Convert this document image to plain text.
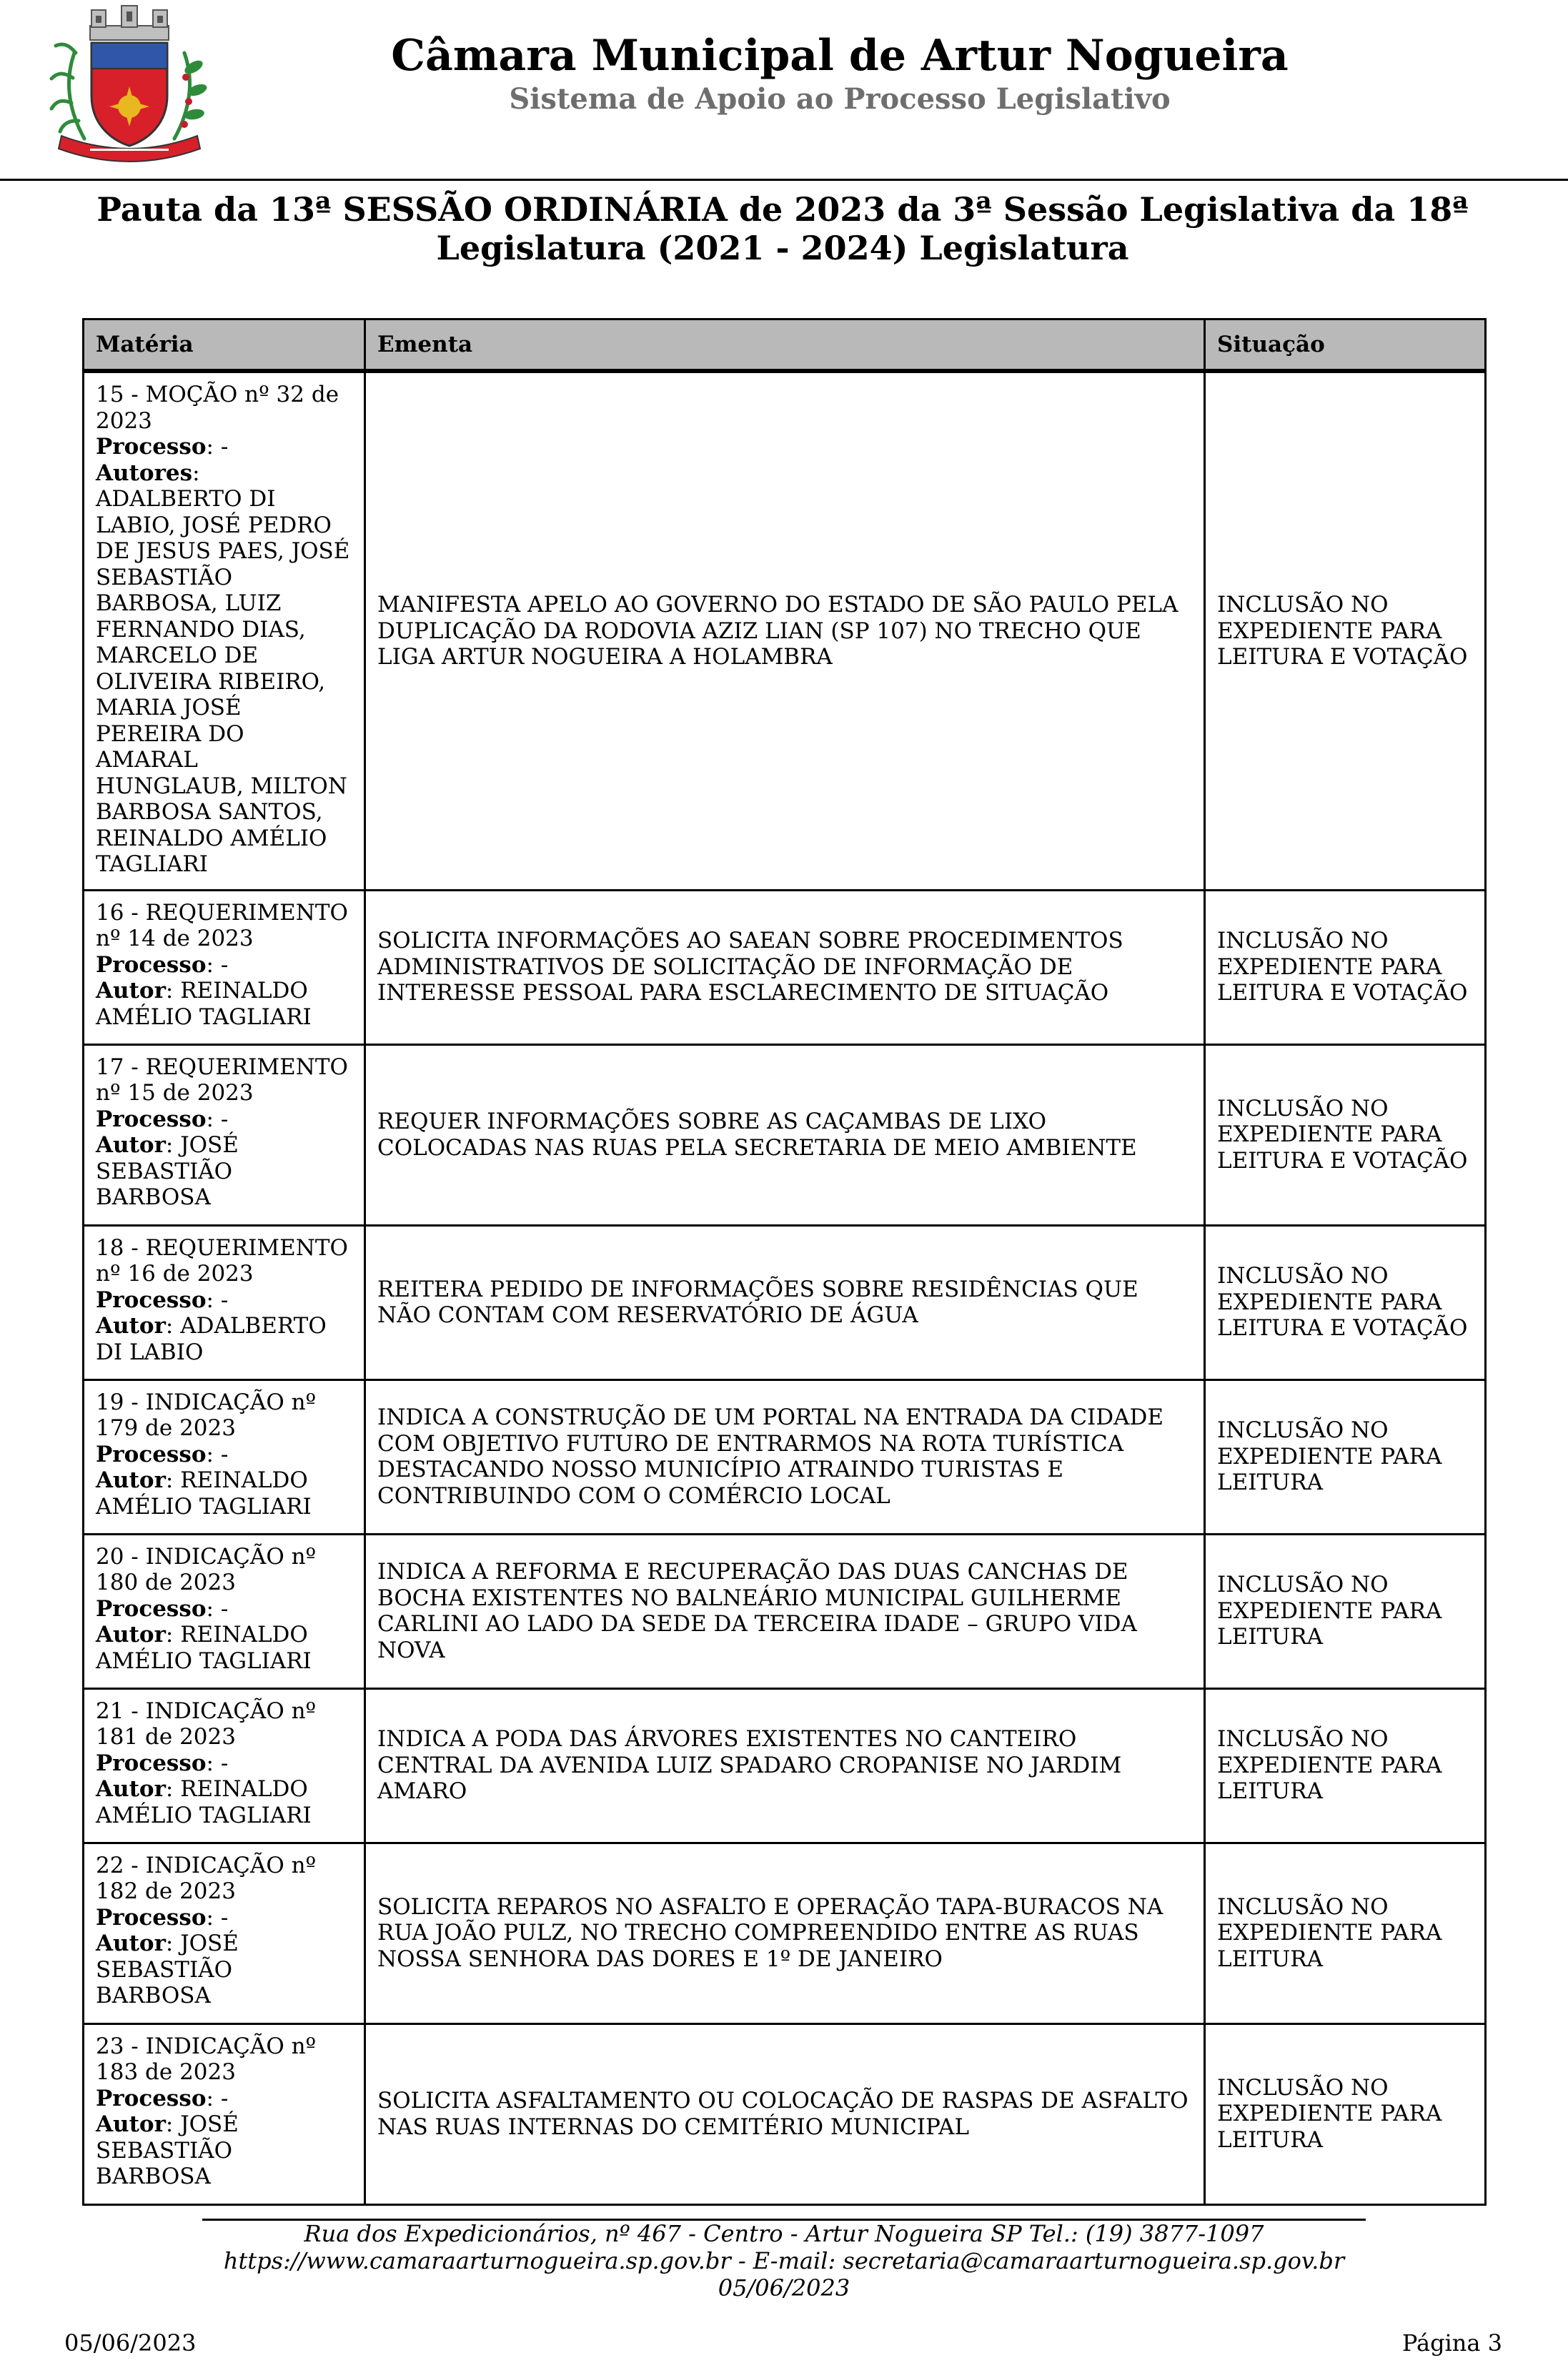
Câmara Municipal de Artur Nogueira
Sistema de Apoio ao Processo Legislativo
Pauta da 13ª SESSÃO ORDINÁRIA de 2023 da 3ª Sessão Legislativa da 18ª Legislatura (2021 - 2024) Legislatura
Matéria	Ementa	Situação
15 - MOÇÃO nº 32 de 2023
Processo: -
Autores: ADALBERTO DI LABIO, JOSÉ PEDRO DE JESUS PAES, JOSÉ SEBASTIÃO BARBOSA, LUIZ FERNANDO DIAS, MARCELO DE OLIVEIRA RIBEIRO, MARIA JOSÉ PEREIRA DO AMARAL HUNGLAUB, MILTON BARBOSA SANTOS, REINALDO AMÉLIO TAGLIARI	MANIFESTA APELO AO GOVERNO DO ESTADO DE SÃO PAULO PELA DUPLICAÇÃO DA RODOVIA AZIZ LIAN (SP 107) NO TRECHO QUE LIGA ARTUR NOGUEIRA A HOLAMBRA	INCLUSÃO NO EXPEDIENTE PARA LEITURA E VOTAÇÃO
16 - REQUERIMENTO nº 14 de 2023
Processo: -
Autor: REINALDO AMÉLIO TAGLIARI	SOLICITA INFORMAÇÕES AO SAEAN SOBRE PROCEDIMENTOS ADMINISTRATIVOS DE SOLICITAÇÃO DE INFORMAÇÃO DE INTERESSE PESSOAL PARA ESCLARECIMENTO DE SITUAÇÃO	INCLUSÃO NO EXPEDIENTE PARA LEITURA E VOTAÇÃO
17 - REQUERIMENTO nº 15 de 2023
Processo: -
Autor: JOSÉ SEBASTIÃO BARBOSA	REQUER INFORMAÇÕES SOBRE AS CAÇAMBAS DE LIXO COLOCADAS NAS RUAS PELA SECRETARIA DE MEIO AMBIENTE	INCLUSÃO NO EXPEDIENTE PARA LEITURA E VOTAÇÃO
18 - REQUERIMENTO nº 16 de 2023
Processo: -
Autor: ADALBERTO DI LABIO	REITERA PEDIDO DE INFORMAÇÕES SOBRE RESIDÊNCIAS QUE NÃO CONTAM COM RESERVATÓRIO DE ÁGUA	INCLUSÃO NO EXPEDIENTE PARA LEITURA E VOTAÇÃO
19 - INDICAÇÃO nº 179 de 2023
Processo: -
Autor: REINALDO AMÉLIO TAGLIARI	INDICA A CONSTRUÇÃO DE UM PORTAL NA ENTRADA DA CIDADE COM OBJETIVO FUTURO DE ENTRARMOS NA ROTA TURÍSTICA DESTACANDO NOSSO MUNICÍPIO ATRAINDO TURISTAS E CONTRIBUINDO COM O COMÉRCIO LOCAL	INCLUSÃO NO EXPEDIENTE PARA LEITURA
20 - INDICAÇÃO nº 180 de 2023
Processo: -
Autor: REINALDO AMÉLIO TAGLIARI	INDICA A REFORMA E RECUPERAÇÃO DAS DUAS CANCHAS DE BOCHA EXISTENTES NO BALNEÁRIO MUNICIPAL GUILHERME CARLINI AO LADO DA SEDE DA TERCEIRA IDADE – GRUPO VIDA NOVA	INCLUSÃO NO EXPEDIENTE PARA LEITURA
21 - INDICAÇÃO nº 181 de 2023
Processo: -
Autor: REINALDO AMÉLIO TAGLIARI	INDICA A PODA DAS ÁRVORES EXISTENTES NO CANTEIRO CENTRAL DA AVENIDA LUIZ SPADARO CROPANISE NO JARDIM AMARO	INCLUSÃO NO EXPEDIENTE PARA LEITURA
22 - INDICAÇÃO nº 182 de 2023
Processo: -
Autor: JOSÉ SEBASTIÃO BARBOSA	SOLICITA REPAROS NO ASFALTO E OPERAÇÃO TAPA-BURACOS NA RUA JOÃO PULZ, NO TRECHO COMPREENDIDO ENTRE AS RUAS NOSSA SENHORA DAS DORES E 1º DE JANEIRO	INCLUSÃO NO EXPEDIENTE PARA LEITURA
23 - INDICAÇÃO nº 183 de 2023
Processo: -
Autor: JOSÉ SEBASTIÃO BARBOSA	SOLICITA ASFALTAMENTO OU COLOCAÇÃO DE RASPAS DE ASFALTO NAS RUAS INTERNAS DO CEMITÉRIO MUNICIPAL	INCLUSÃO NO EXPEDIENTE PARA LEITURA
Rua dos Expedicionários, nº 467 - Centro - Artur Nogueira SP Tel.: (19) 3877-1097 https://www.camaraarturnogueira.sp.gov.br - E-mail: secretaria@camaraarturnogueira.sp.gov.br 05/06/2023
05/06/2023	Página 3
